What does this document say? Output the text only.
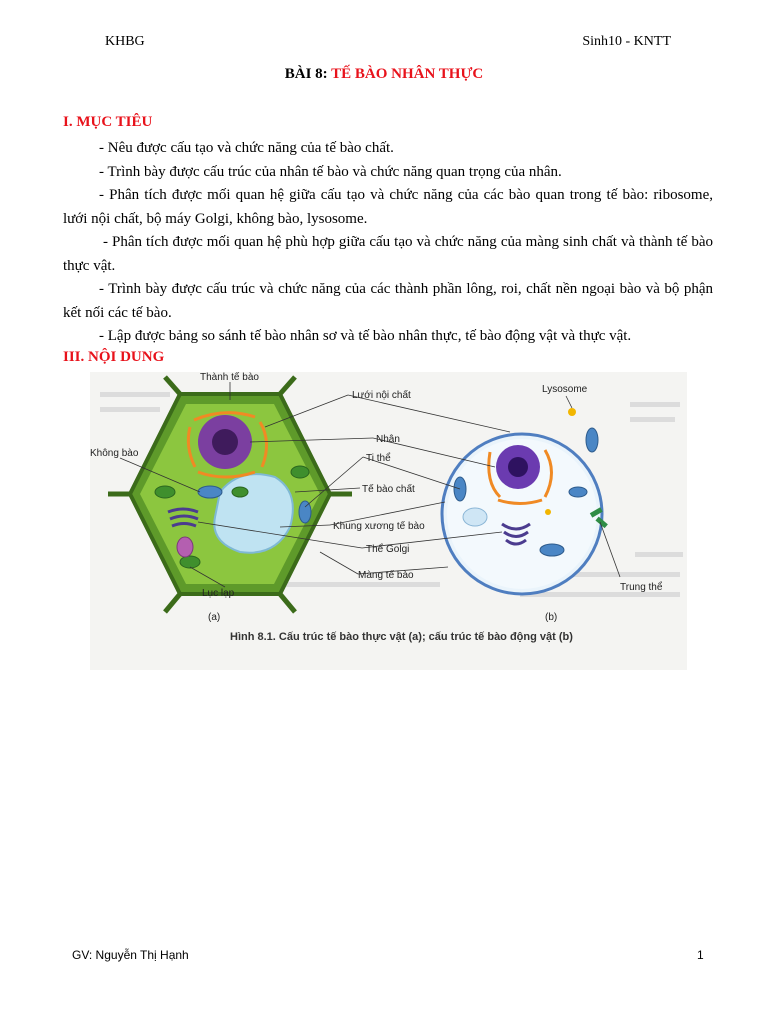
KHBG	Sinh10 - KNTT
BÀI 8: TẾ BÀO NHÂN THỰC
I. MỤC TIÊU

- Nêu được cấu tạo và chức năng của tế bào chất.

- Trình bày được cấu trúc của nhân tế bào và chức năng quan trọng của nhân.

- Phân tích được mối quan hệ giữa cấu tạo và chức năng của các bào quan trong tế bào: ribosome, lưới nội chất, bộ máy Golgi, không bào, lysosome.

- Phân tích được mối quan hệ phù hợp giữa cấu tạo và chức năng của màng sinh chất và thành tế bào thực vật.

- Trình bày được cấu trúc và chức năng của các thành phần lông, roi, chất nền ngoại bào và bộ phận kết nối các tế bào.

- Lập được bảng so sánh tế bào nhân sơ và tế bào nhân thực, tế bào động vật và thực vật.

III. NỘI DUNG
(a)	(b)
Thành tế bào
Không bào
Lưới nội chất
Nhân
Ti thể
Tế bào chất
Khung xương tế bào
Thể Golgi
Màng tế bào
Lục lạp
Lysosome
Trung thể
Hình 8.1. Cấu trúc tế bào thực vật (a); cấu trúc tế bào động vật (b)
GV: Nguyễn Thị Hạnh	1
